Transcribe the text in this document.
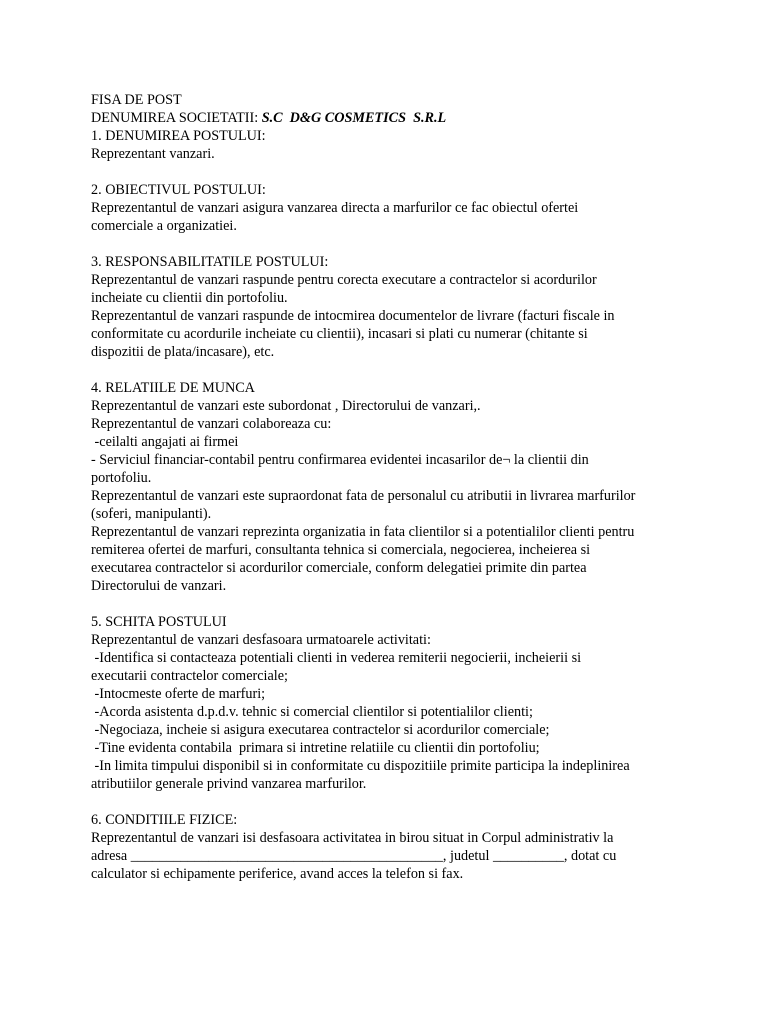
FISA DE POST

DENUMIREA SOCIETATII: S.C  D&G COSMETICS  S.R.L

1. DENUMIREA POSTULUI:

Reprezentant vanzari.

2. OBIECTIVUL POSTULUI:

Reprezentantul de vanzari asigura vanzarea directa a marfurilor ce fac obiectul ofertei

comerciale a organizatiei.

3. RESPONSABILITATILE POSTULUI:

Reprezentantul de vanzari raspunde pentru corecta executare a contractelor si acordurilor

incheiate cu clientii din portofoliu.

Reprezentantul de vanzari raspunde de intocmirea documentelor de livrare (facturi fiscale in

conformitate cu acordurile incheiate cu clientii), incasari si plati cu numerar (chitante si

dispozitii de plata/incasare), etc.

4. RELATIILE DE MUNCA

Reprezentantul de vanzari este subordonat , Directorului de vanzari,.

Reprezentantul de vanzari colaboreaza cu:

-ceilalti angajati ai firmei

- Serviciul financiar-contabil pentru confirmarea evidentei incasarilor de¬ la clientii din

portofoliu.

Reprezentantul de vanzari este supraordonat fata de personalul cu atributii in livrarea marfurilor

(soferi, manipulanti).

Reprezentantul de vanzari reprezinta organizatia in fata clientilor si a potentialilor clienti pentru

remiterea ofertei de marfuri, consultanta tehnica si comerciala, negocierea, incheierea si

executarea contractelor si acordurilor comerciale, conform delegatiei primite din partea

Directorului de vanzari.

5. SCHITA POSTULUI

Reprezentantul de vanzari desfasoara urmatoarele activitati:

-Identifica si contacteaza potentiali clienti in vederea remiterii negocierii, incheierii si

executarii contractelor comerciale;

-Intocmeste oferte de marfuri;

-Acorda asistenta d.p.d.v. tehnic si comercial clientilor si potentialilor clienti;

-Negociaza, incheie si asigura executarea contractelor si acordurilor comerciale;

-Tine evidenta contabila  primara si intretine relatiile cu clientii din portofoliu;

-In limita timpului disponibil si in conformitate cu dispozitiile primite participa la indeplinirea

atributiilor generale privind vanzarea marfurilor.

6. CONDITIILE FIZICE:

Reprezentantul de vanzari isi desfasoara activitatea in birou situat in Corpul administrativ la

adresa ____________________________________________, judetul __________, dotat cu

calculator si echipamente periferice, avand acces la telefon si fax.
